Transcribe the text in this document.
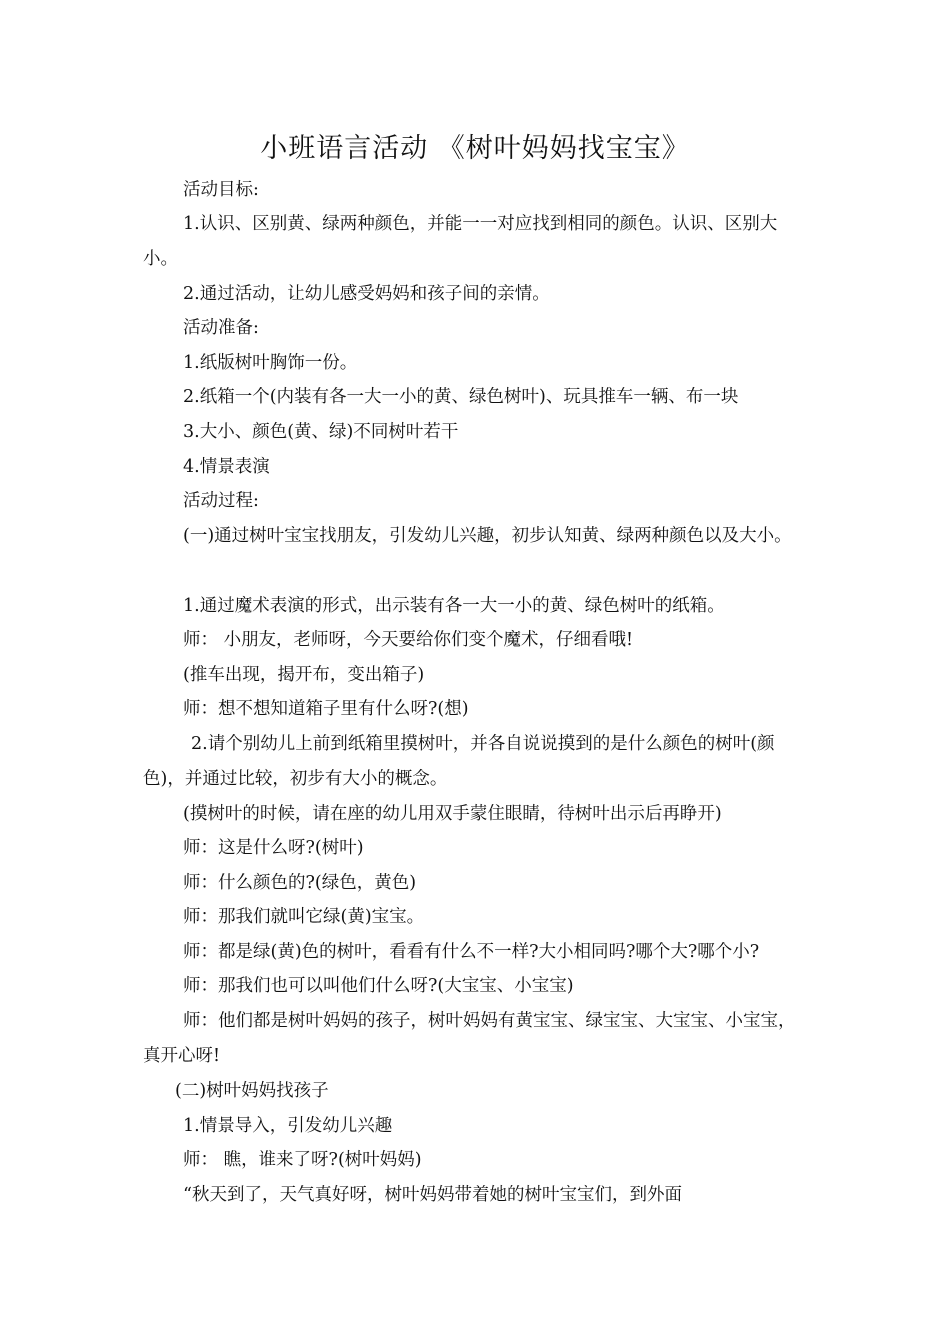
小班语言活动 《树叶妈妈找宝宝》

活动目标:

1.认识、区别黄、绿两种颜色，并能一一对应找到相同的颜色。认识、区别大小。

2.通过活动，让幼儿感受妈妈和孩子间的亲情。

活动准备:

1.纸版树叶胸饰一份。

2.纸箱一个(内装有各一大一小的黄、绿色树叶)、玩具推车一辆、布一块

3.大小、颜色(黄、绿)不同树叶若干

4.情景表演

活动过程:

(一)通过树叶宝宝找朋友，引发幼儿兴趣，初步认知黄、绿两种颜色以及大小。

1.通过魔术表演的形式，出示装有各一大一小的黄、绿色树叶的纸箱。

师： 小朋友，老师呀，今天要给你们变个魔术，仔细看哦!

(推车出现，揭开布，变出箱子)

师：想不想知道箱子里有什么呀?(想)

2.请个别幼儿上前到纸箱里摸树叶，并各自说说摸到的是什么颜色的树叶(颜色)，并通过比较，初步有大小的概念。

(摸树叶的时候，请在座的幼儿用双手蒙住眼睛，待树叶出示后再睁开)

师：这是什么呀?(树叶)

师：什么颜色的?(绿色，黄色)

师：那我们就叫它绿(黄)宝宝。

师：都是绿(黄)色的树叶，看看有什么不一样?大小相同吗?哪个大?哪个小?

师：那我们也可以叫他们什么呀?(大宝宝、小宝宝)

师：他们都是树叶妈妈的孩子，树叶妈妈有黄宝宝、绿宝宝、大宝宝、小宝宝，真开心呀!

(二)树叶妈妈找孩子

1.情景导入，引发幼儿兴趣

师： 瞧，谁来了呀?(树叶妈妈)

“秋天到了，天气真好呀，树叶妈妈带着她的树叶宝宝们，到外面
